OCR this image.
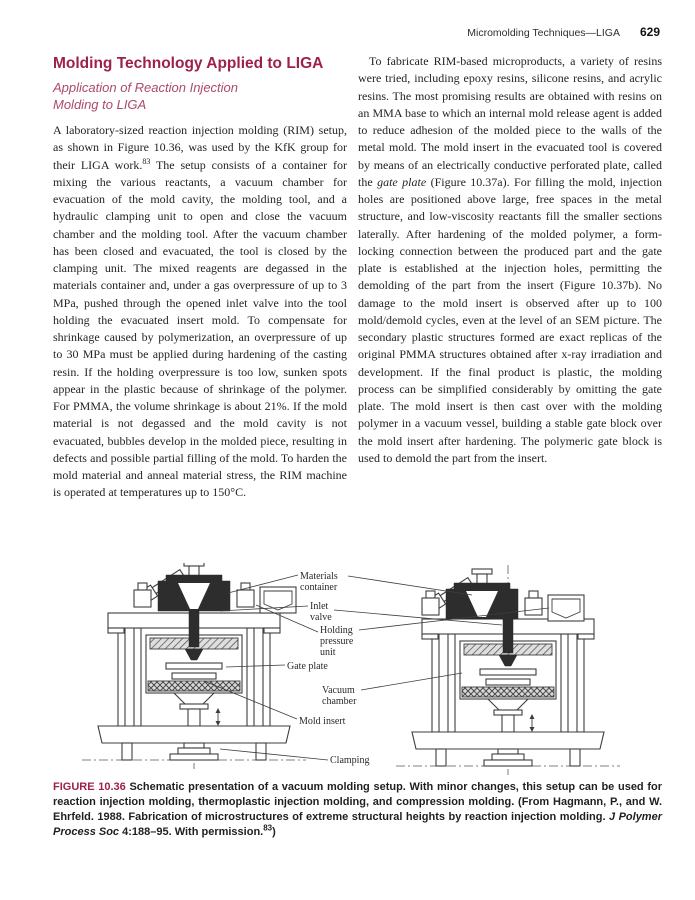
Micromolding Techniques—LIGA 629
Molding Technology Applied to LIGA
Application of Reaction Injection
Molding to LIGA

A laboratory-sized reaction injection molding (RIM) setup, as shown in Figure 10.36, was used by the KfK group for their LIGA work.$^{83}$ The setup consists of a container for mixing the various reactants, a vacuum chamber for evacuation of the mold cavity, the molding tool, and a hydraulic clamping unit to open and close the vacuum chamber and the molding tool. After the vacuum chamber has been closed and evacuated, the tool is closed by the clamping unit. The mixed reagents are degassed in the materials container and, under a gas overpressure of up to 3 MPa, pushed through the opened inlet valve into the tool holding the evacuated insert mold. To compensate for shrinkage caused by polymerization, an overpressure of up to 30 MPa must be applied during hardening of the casting resin. If the holding overpressure is too low, sunken spots appear in the plastic because of shrinkage of the polymer. For PMMA, the volume shrinkage is about 21%. If the mold material is not degassed and the mold cavity is not evacuated, bubbles develop in the molded piece, resulting in defects and possible partial filling of the mold. To harden the mold material and anneal material stress, the RIM machine is operated at temperatures up to 150°C.

To fabricate RIM-based microproducts, a variety of resins were tried, including epoxy resins, silicone resins, and acrylic resins. The most promising results are obtained with resins on an MMA base to which an internal mold release agent is added to reduce adhesion of the molded piece to the walls of the metal mold. The mold insert in the evacuated tool is covered by means of an electrically conductive perforated plate, called the gate plate (Figure 10.37a). For filling the mold, injection holes are positioned above large, free spaces in the metal structure, and low-viscosity reactants fill the smaller sections laterally. After hardening of the molded polymer, a form-locking connection between the produced part and the gate plate is established at the injection holes, permitting the demolding of the part from the insert (Figure 10.37b). No damage to the mold insert is observed after up to 100 mold/demold cycles, even at the level of an SEM picture. The secondary plastic structures formed are exact replicas of the original PMMA structures obtained after x-ray irradiation and development. If the final product is plastic, the molding process can be simplified considerably by omitting the gate plate. The mold insert is then cast over with the molding polymer in a vacuum vessel, building a stable gate block over the mold insert after hardening. The polymeric gate block is used to demold the part from the insert.

Materials
container
Inlet
valve
Holding
pressure
unit
Gate plate
Vacuum
chamber
Mold insert
Clamping

FIGURE 10.36 Schematic presentation of a vacuum molding setup. With minor changes, this setup can be used for reaction injection molding, thermoplastic injection molding, and compression molding. (From Hagmann, P., and W. Ehrfeld. 1988. Fabrication of microstructures of extreme structural heights by reaction injection molding. J Polymer Process Soc 4:188–95. With permission.$^{83}$)
